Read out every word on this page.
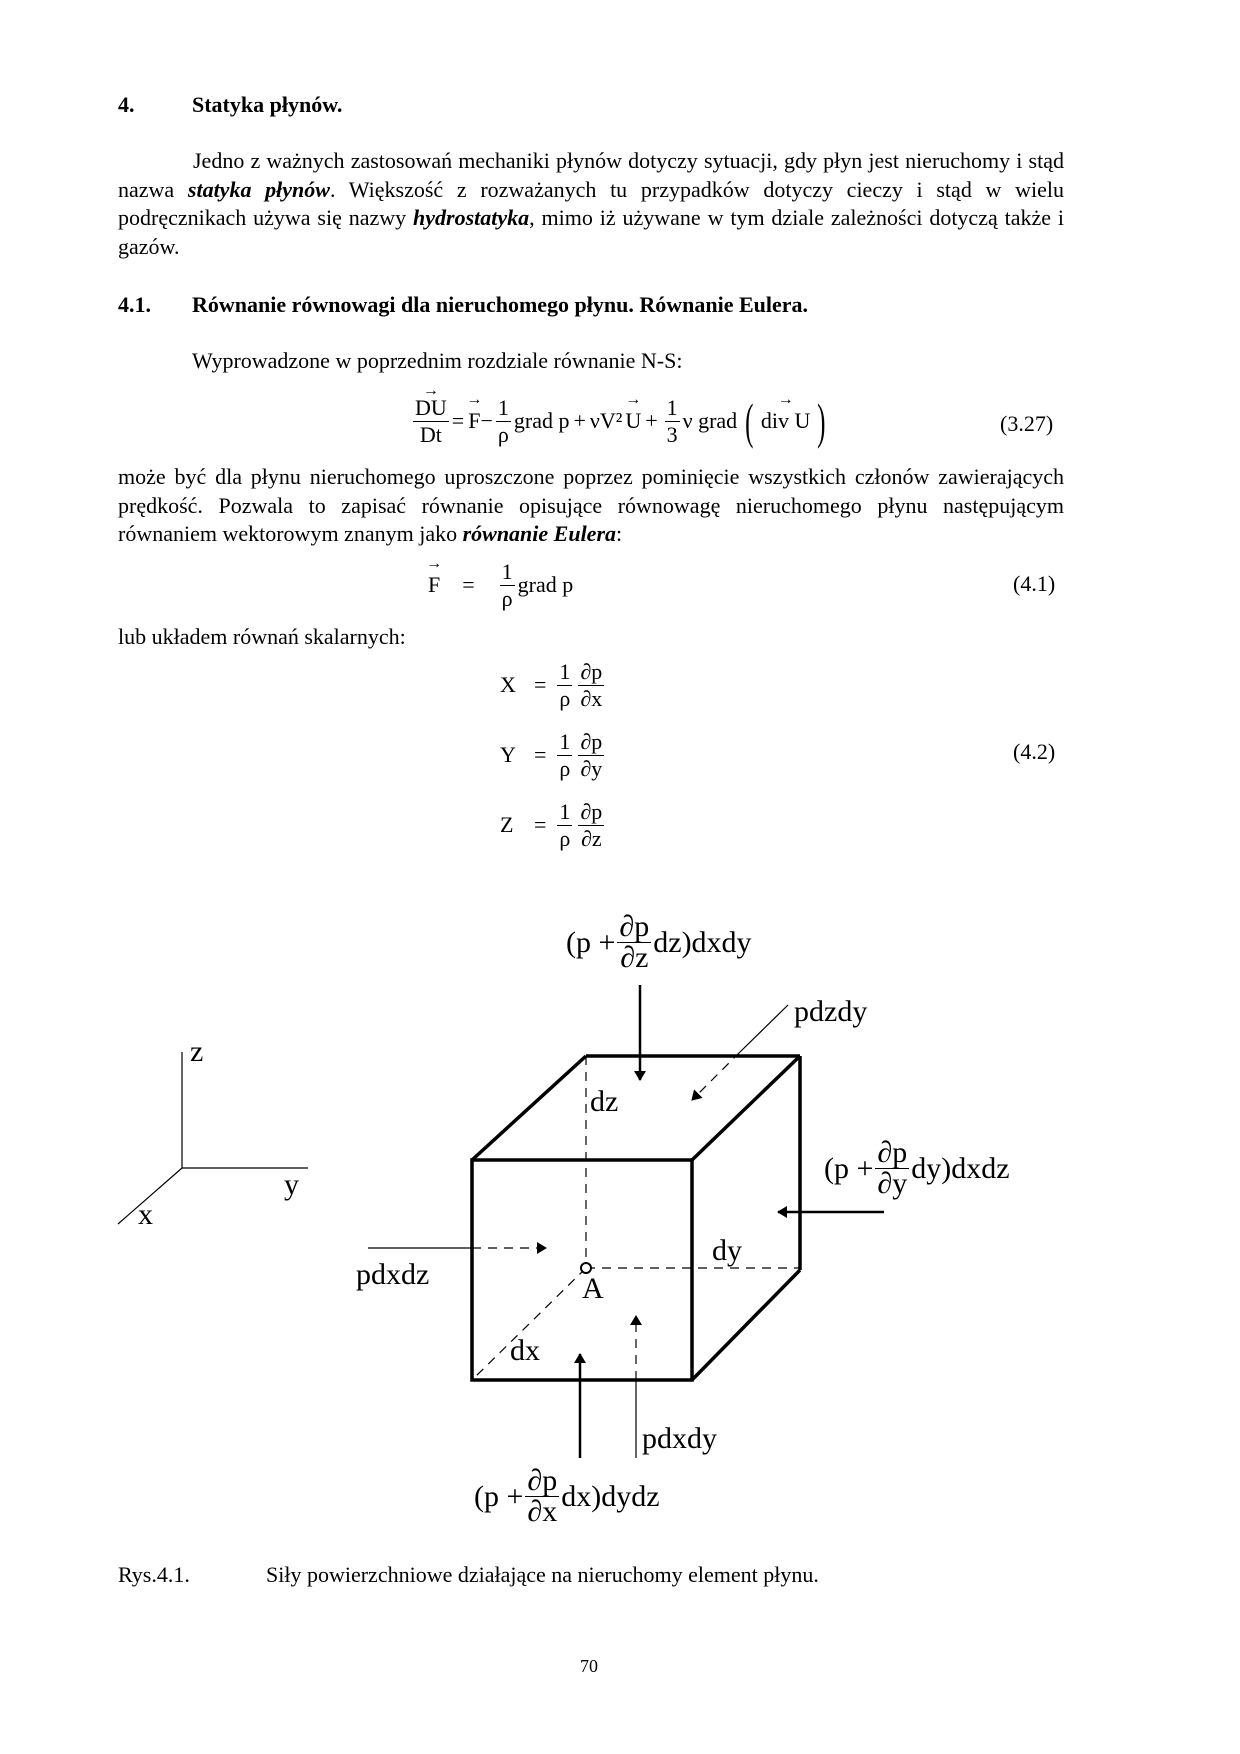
4.	Statyka płynów.
Jedno z ważnych zastosowań mechaniki płynów dotyczy sytuacji, gdy płyn jest nieruchomy i stąd nazwa statyka płynów. Większość z rozważanych tu przypadków dotyczy cieczy i stąd w wielu podręcznikach używa się nazwy hydrostatyka, mimo iż używane w tym dziale zależności dotyczą także i gazów.
4.1. Równanie równowagi dla nieruchomego płynu. Równanie Eulera.
Wyprowadzone w poprzednim rozdziale równanie N-S:
→ $\frac{DU}{Dt}$ =
→ $F - \frac{1}{\rho}$ grad p + νV²
→ $U + \frac{1}{3}$ ν grad (
→ div U )	(3.27)
może być dla płynu nieruchomego uproszczone poprzez pominięcie wszystkich członów zawierających prędkość. Pozwala to zapisać równanie opisujące równowagę nieruchomego płynu następującym równaniem wektorowym znanym jako równanie Eulera:
→ $F = \frac{1}{\rho}$ grad p	(4.1)
lub układem równań skalarnych:
$X = \frac{1}{\rho} \frac{\partial p}{\partial x}$
$Y = \frac{1}{\rho} \frac{\partial p}{\partial y}$
$Z = \frac{1}{\rho} \frac{\partial p}{\partial z}$
(4.2)
z
y
x
($p + \frac{\partial p}{\partial z}$ dz)dxdy
pdzdy
dz
($p + \frac{\partial p}{\partial y}$ dy)dxdz
pdxdz
dy
A
dx
pdxdy
($p + \frac{\partial p}{\partial x}$ dx)dydz
Rys.4.1.	Siły powierzchniowe działające na nieruchomy element płynu.
70
